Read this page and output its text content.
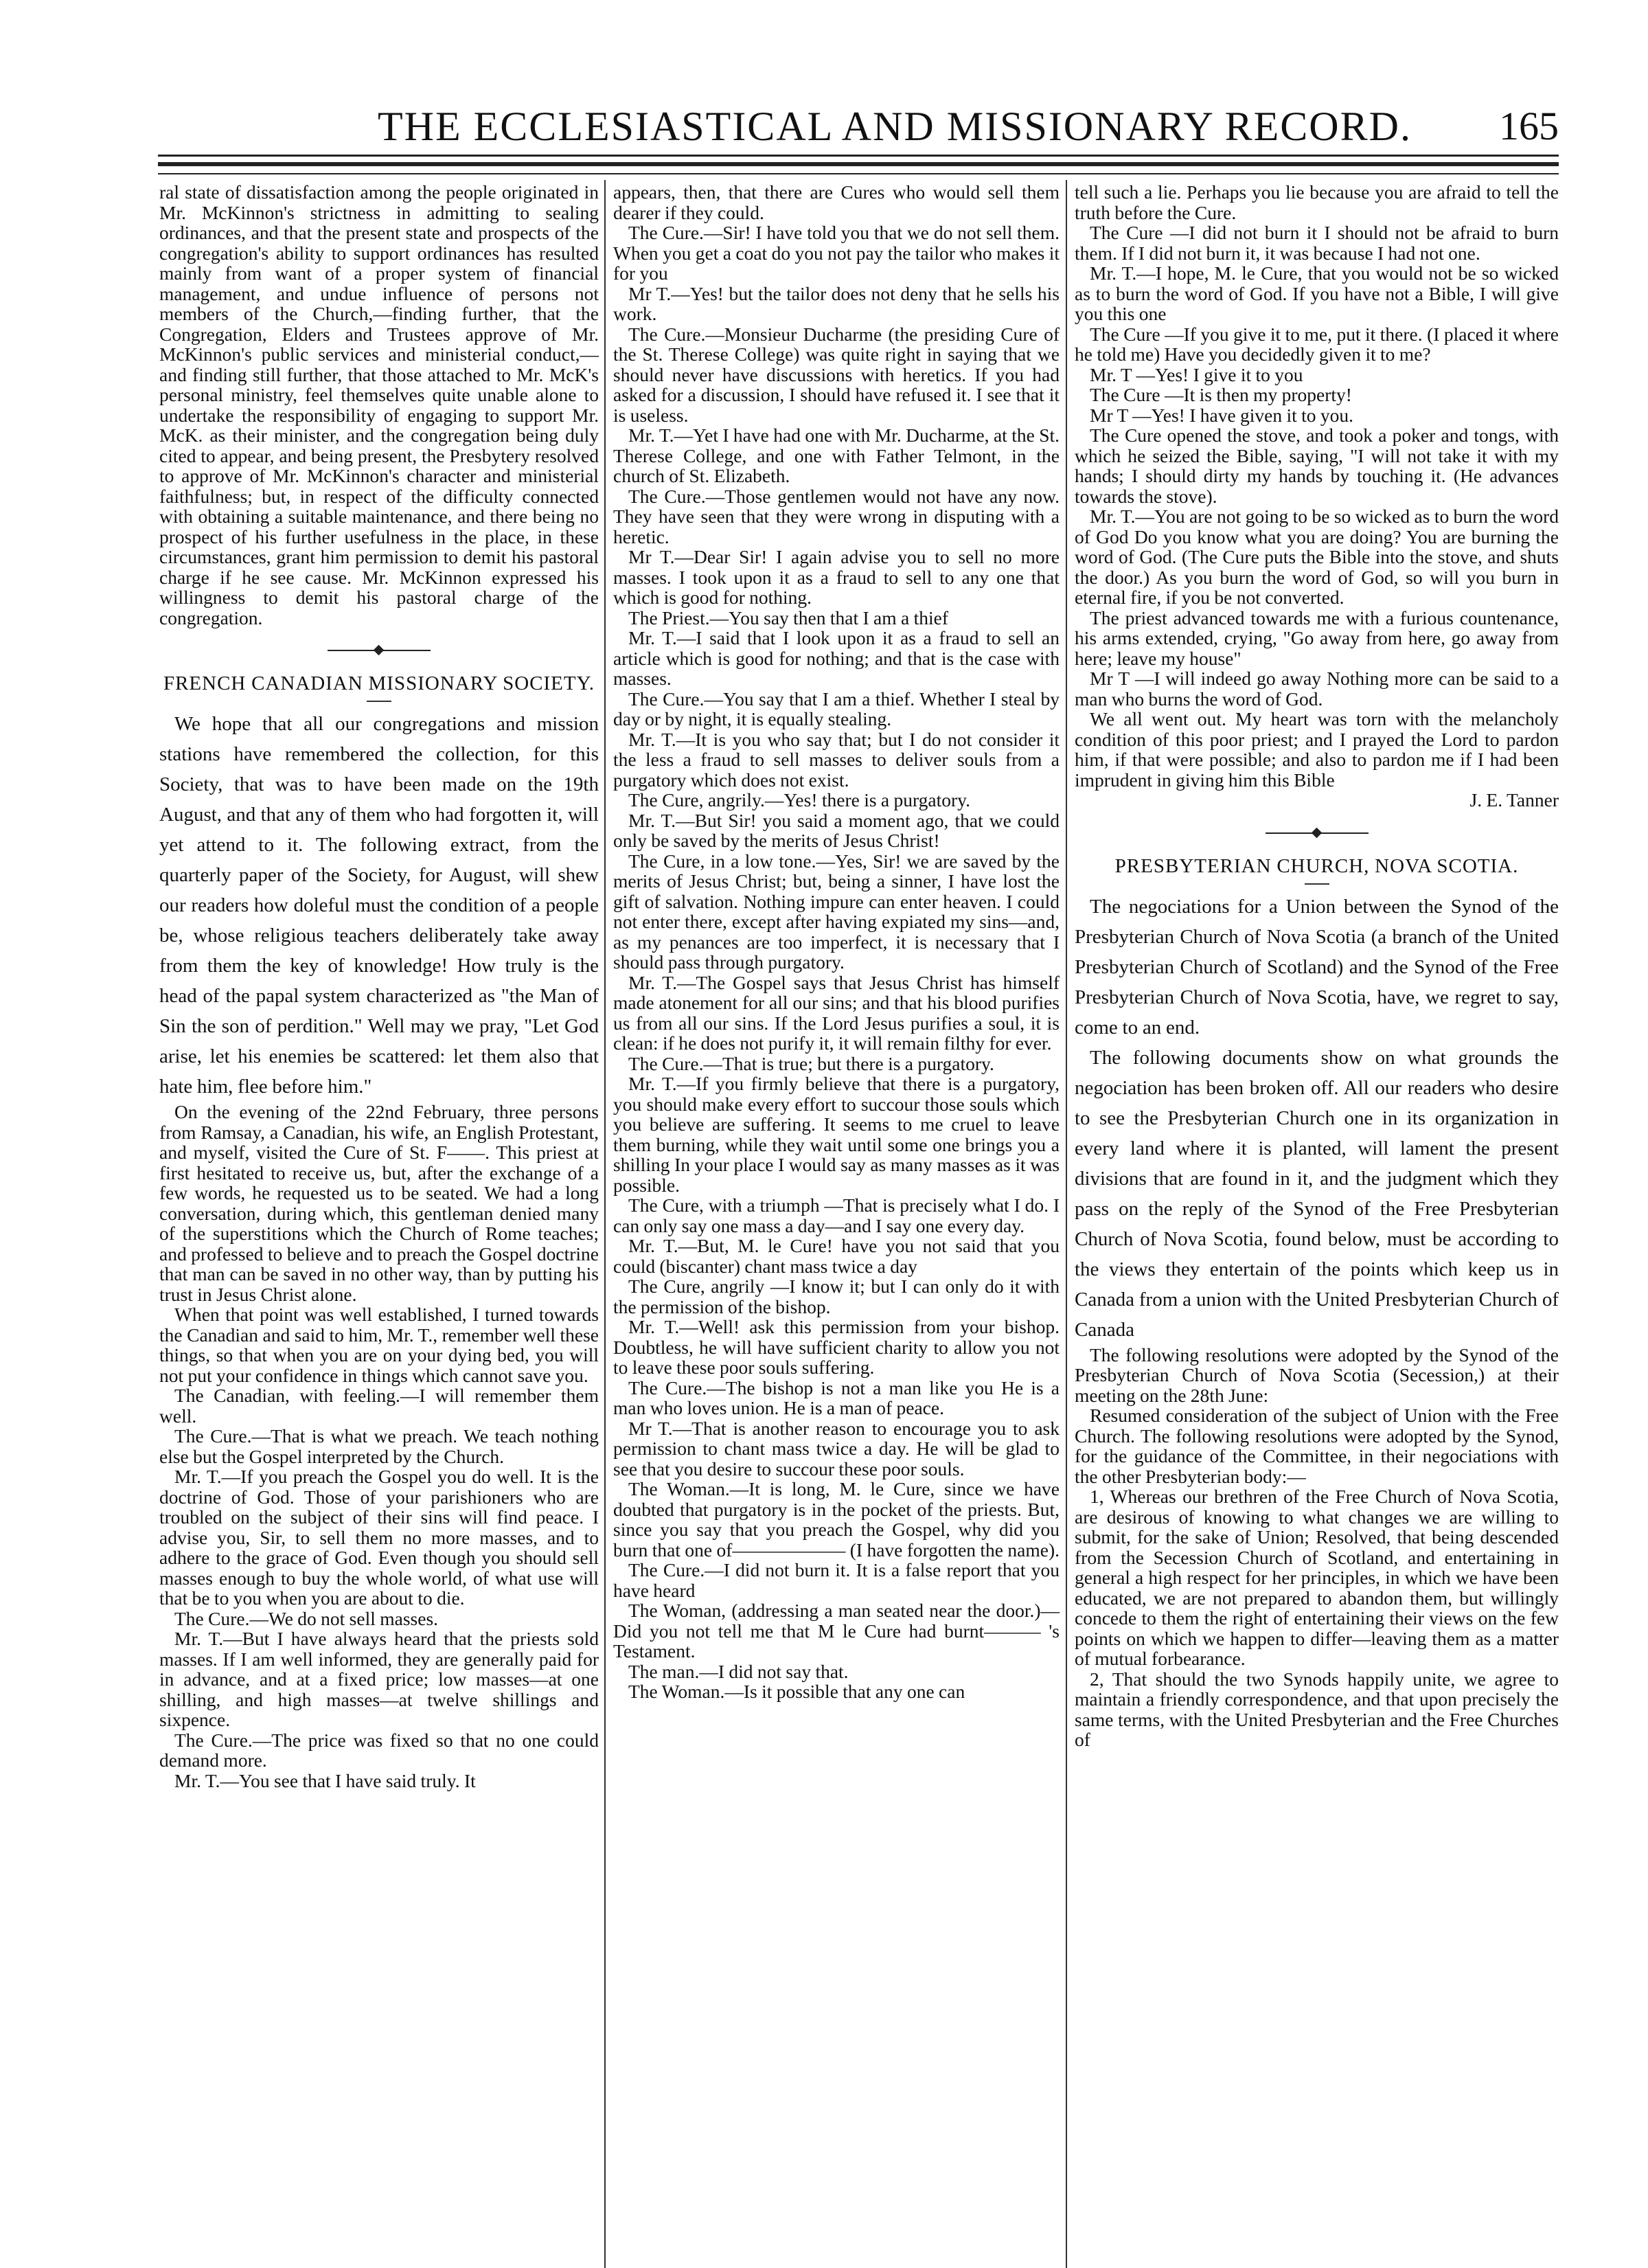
THE ECCLESIASTICAL AND MISSIONARY RECORD. 165

ral state of dissatisfaction among the people originated in Mr. McKinnon's strictness in admitting to sealing ordinances, and that the present state and prospects of the congregation's ability to support ordinances has resulted mainly from want of a proper system of financial management, and undue influence of persons not members of the Church,—finding further, that the Congregation, Elders and Trustees approve of Mr. McKinnon's public services and ministerial conduct,—and finding still further, that those attached to Mr. McK's personal ministry, feel themselves quite unable alone to undertake the responsibility of engaging to support Mr. McK. as their minister, and the congregation being duly cited to appear, and being present, the Presbytery resolved to approve of Mr. McKinnon's character and ministerial faithfulness; but, in respect of the difficulty connected with obtaining a suitable maintenance, and there being no prospect of his further usefulness in the place, in these circumstances, grant him permission to demit his pastoral charge if he see cause. Mr. McKinnon expressed his willingness to demit his pastoral charge of the congregation.

FRENCH CANADIAN MISSIONARY SOCIETY.

We hope that all our congregations and mission stations have remembered the collection, for this Society, that was to have been made on the 19th August, and that any of them who had forgotten it, will yet attend to it. The following extract, from the quarterly paper of the Society, for August, will shew our readers how doleful must the condition of a people be, whose religious teachers deliberately take away from them the key of knowledge! How truly is the head of the papal system characterized as "the Man of Sin the son of perdition." Well may we pray, "Let God arise, let his enemies be scattered: let them also that hate him, flee before him."

On the evening of the 22nd February, three persons from Ramsay, a Canadian, his wife, an English Protestant, and myself, visited the Cure of St. F——. This priest at first hesitated to receive us, but, after the exchange of a few words, he requested us to be seated. We had a long conversation, during which, this gentleman denied many of the superstitions which the Church of Rome teaches; and professed to believe and to preach the Gospel doctrine that man can be saved in no other way, than by putting his trust in Jesus Christ alone.

When that point was well established, I turned towards the Canadian and said to him, Mr. T., remember well these things, so that when you are on your dying bed, you will not put your confidence in things which cannot save you.

The Canadian, with feeling.—I will remember them well.

The Cure.—That is what we preach. We teach nothing else but the Gospel interpreted by the Church.

Mr. T.—If you preach the Gospel you do well. It is the doctrine of God. Those of your parishioners who are troubled on the subject of their sins will find peace. I advise you, Sir, to sell them no more masses, and to adhere to the grace of God. Even though you should sell masses enough to buy the whole world, of what use will that be to you when you are about to die.

The Cure.—We do not sell masses.

Mr. T.—But I have always heard that the priests sold masses. If I am well informed, they are generally paid for in advance, and at a fixed price; low masses—at one shilling, and high masses—at twelve shillings and sixpence.

The Cure.—The price was fixed so that no one could demand more.

Mr. T.—You see that I have said truly. It

appears, then, that there are Cures who would sell them dearer if they could.

The Cure.—Sir! I have told you that we do not sell them. When you get a coat do you not pay the tailor who makes it for you

Mr T.—Yes! but the tailor does not deny that he sells his work.

The Cure.—Monsieur Ducharme (the presiding Cure of the St. Therese College) was quite right in saying that we should never have discussions with heretics. If you had asked for a discussion, I should have refused it. I see that it is useless.

Mr. T.—Yet I have had one with Mr. Ducharme, at the St. Therese College, and one with Father Telmont, in the church of St. Elizabeth.

The Cure.—Those gentlemen would not have any now. They have seen that they were wrong in disputing with a heretic.

Mr T.—Dear Sir! I again advise you to sell no more masses. I took upon it as a fraud to sell to any one that which is good for nothing.

The Priest.—You say then that I am a thief

Mr. T.—I said that I look upon it as a fraud to sell an article which is good for nothing; and that is the case with masses.

The Cure.—You say that I am a thief. Whether I steal by day or by night, it is equally stealing.

Mr. T.—It is you who say that; but I do not consider it the less a fraud to sell masses to deliver souls from a purgatory which does not exist.

The Cure, angrily.—Yes! there is a purgatory.

Mr. T.—But Sir! you said a moment ago, that we could only be saved by the merits of Jesus Christ!

The Cure, in a low tone.—Yes, Sir! we are saved by the merits of Jesus Christ; but, being a sinner, I have lost the gift of salvation. Nothing impure can enter heaven. I could not enter there, except after having expiated my sins—and, as my penances are too imperfect, it is necessary that I should pass through purgatory.

Mr. T.—The Gospel says that Jesus Christ has himself made atonement for all our sins; and that his blood purifies us from all our sins. If the Lord Jesus purifies a soul, it is clean: if he does not purify it, it will remain filthy for ever.

The Cure.—That is true; but there is a purgatory.

Mr. T.—If you firmly believe that there is a purgatory, you should make every effort to succour those souls which you believe are suffering. It seems to me cruel to leave them burning, while they wait until some one brings you a shilling In your place I would say as many masses as it was possible.

The Cure, with a triumph —That is precisely what I do. I can only say one mass a day—and I say one every day.

Mr. T.—But, M. le Cure! have you not said that you could (biscanter) chant mass twice a day

The Cure, angrily —I know it; but I can only do it with the permission of the bishop.

Mr. T.—Well! ask this permission from your bishop. Doubtless, he will have sufficient charity to allow you not to leave these poor souls suffering.

The Cure.—The bishop is not a man like you He is a man who loves union. He is a man of peace.

Mr T.—That is another reason to encourage you to ask permission to chant mass twice a day. He will be glad to see that you desire to succour these poor souls.

The Woman.—It is long, M. le Cure, since we have doubted that purgatory is in the pocket of the priests. But, since you say that you preach the Gospel, why did you burn that one of—————— (I have forgotten the name).

The Cure.—I did not burn it. It is a false report that you have heard

The Woman, (addressing a man seated near the door.)—Did you not tell me that M le Cure had burnt——— 's Testament.

The man.—I did not say that.

The Woman.—Is it possible that any one can

tell such a lie. Perhaps you lie because you are afraid to tell the truth before the Cure.

The Cure —I did not burn it I should not be afraid to burn them. If I did not burn it, it was because I had not one.

Mr. T.—I hope, M. le Cure, that you would not be so wicked as to burn the word of God. If you have not a Bible, I will give you this one

The Cure —If you give it to me, put it there. (I placed it where he told me) Have you decidedly given it to me?

Mr. T —Yes! I give it to you

The Cure —It is then my property!

Mr T —Yes! I have given it to you.

The Cure opened the stove, and took a poker and tongs, with which he seized the Bible, saying, "I will not take it with my hands; I should dirty my hands by touching it. (He advances towards the stove).

Mr. T.—You are not going to be so wicked as to burn the word of God Do you know what you are doing? You are burning the word of God. (The Cure puts the Bible into the stove, and shuts the door.) As you burn the word of God, so will you burn in eternal fire, if you be not converted.

The priest advanced towards me with a furious countenance, his arms extended, crying, "Go away from here, go away from here; leave my house"

Mr T —I will indeed go away Nothing more can be said to a man who burns the word of God.

We all went out. My heart was torn with the melancholy condition of this poor priest; and I prayed the Lord to pardon him, if that were possible; and also to pardon me if I had been imprudent in giving him this Bible

J. E. Tanner
PRESBYTERIAN CHURCH, NOVA SCOTIA.

The negociations for a Union between the Synod of the Presbyterian Church of Nova Scotia (a branch of the United Presbyterian Church of Scotland) and the Synod of the Free Presbyterian Church of Nova Scotia, have, we regret to say, come to an end.

The following documents show on what grounds the negociation has been broken off. All our readers who desire to see the Presbyterian Church one in its organization in every land where it is planted, will lament the present divisions that are found in it, and the judgment which they pass on the reply of the Synod of the Free Presbyterian Church of Nova Scotia, found below, must be according to the views they entertain of the points which keep us in Canada from a union with the United Presbyterian Church of Canada

The following resolutions were adopted by the Synod of the Presbyterian Church of Nova Scotia (Secession,) at their meeting on the 28th June:

Resumed consideration of the subject of Union with the Free Church. The following resolutions were adopted by the Synod, for the guidance of the Committee, in their negociations with the other Presbyterian body:—

1, Whereas our brethren of the Free Church of Nova Scotia, are desirous of knowing to what changes we are willing to submit, for the sake of Union; Resolved, that being descended from the Secession Church of Scotland, and entertaining in general a high respect for her principles, in which we have been educated, we are not prepared to abandon them, but willingly concede to them the right of entertaining their views on the few points on which we happen to differ—leaving them as a matter of mutual forbearance.

2, That should the two Synods happily unite, we agree to maintain a friendly correspondence, and that upon precisely the same terms, with the United Presbyterian and the Free Churches of
